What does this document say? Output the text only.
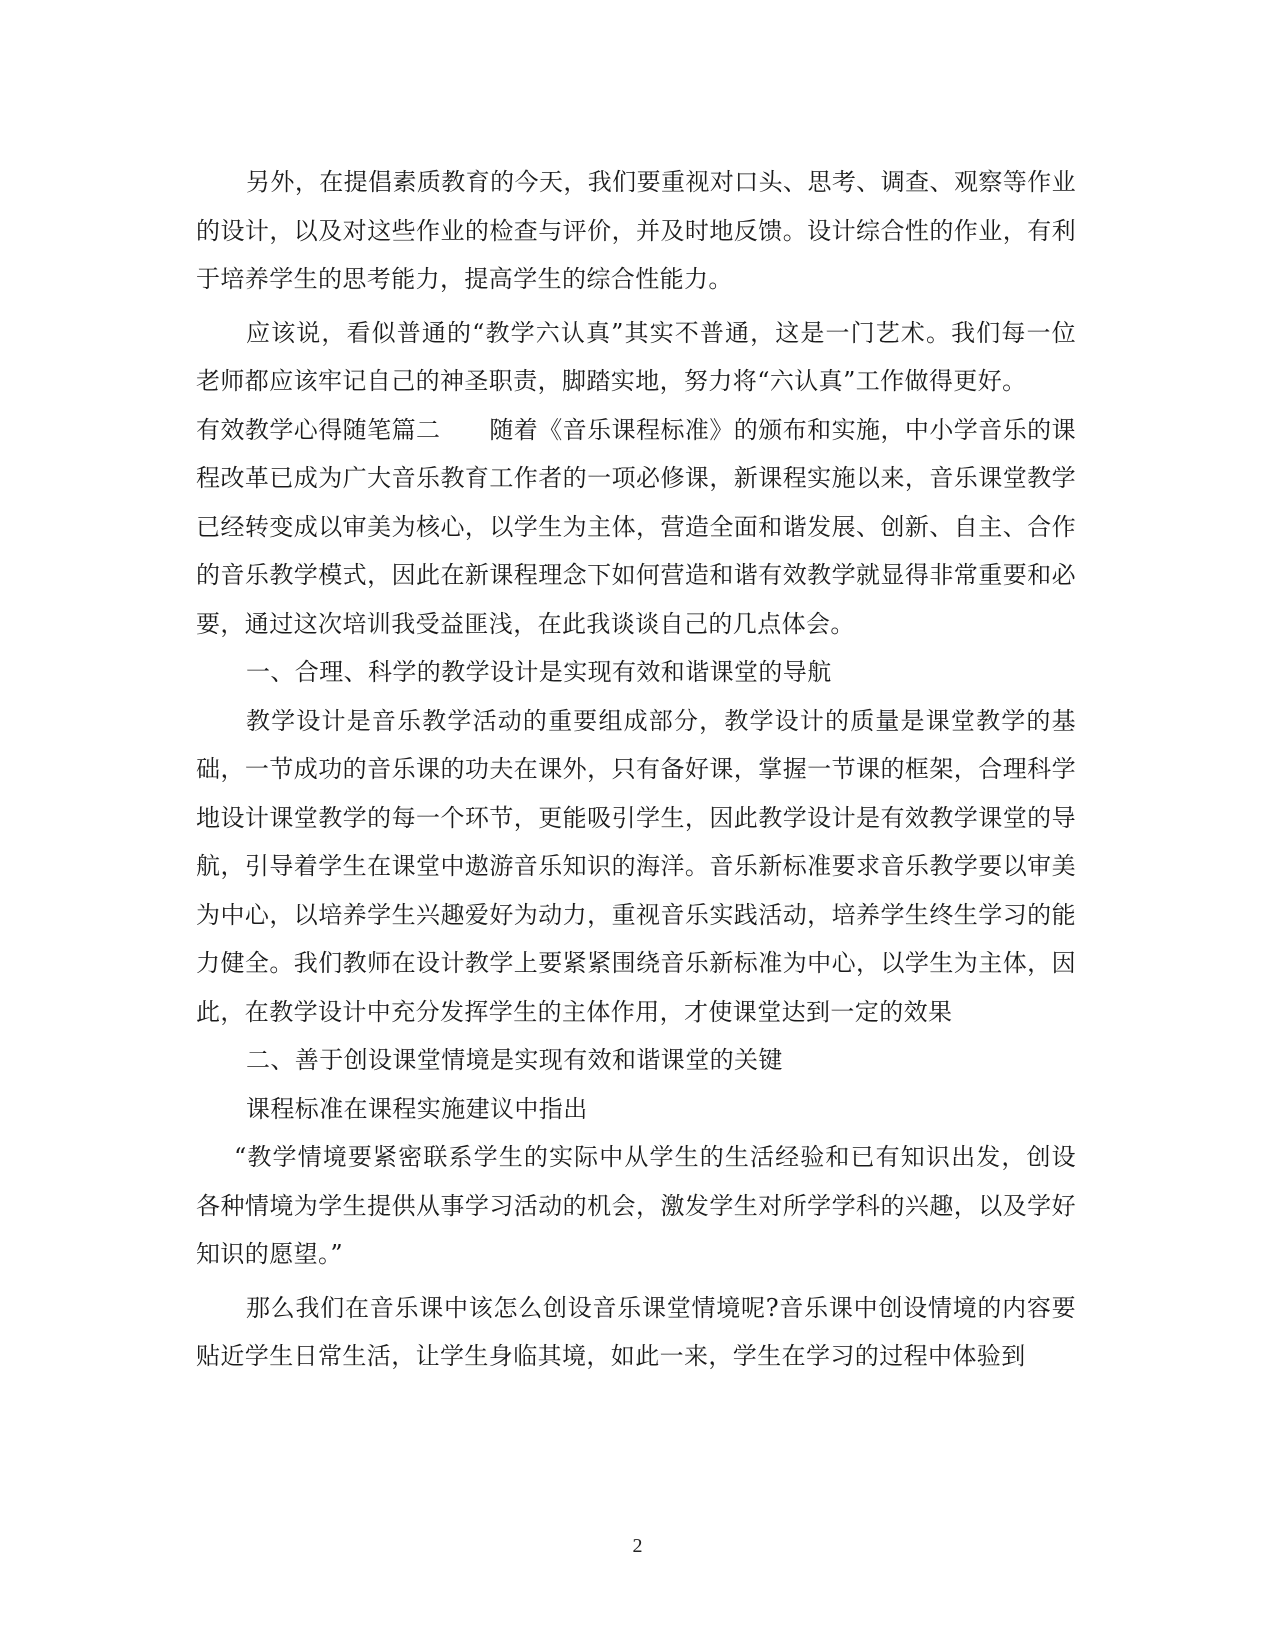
另外，在提倡素质教育的今天，我们要重视对口头、思考、调查、观察等作业的设计，以及对这些作业的检查与评价，并及时地反馈。设计综合性的作业，有利于培养学生的思考能力，提高学生的综合性能力。

应该说，看似普通的“教学六认真”其实不普通，这是一门艺术。我们每一位老师都应该牢记自己的神圣职责，脚踏实地，努力将“六认真”工作做得更好。

有效教学心得随笔篇二　　随着《音乐课程标准》的颁布和实施，中小学音乐的课程改革已成为广大音乐教育工作者的一项必修课，新课程实施以来，音乐课堂教学已经转变成以审美为核心，以学生为主体，营造全面和谐发展、创新、自主、合作的音乐教学模式，因此在新课程理念下如何营造和谐有效教学就显得非常重要和必要，通过这次培训我受益匪浅，在此我谈谈自己的几点体会。

一、合理、科学的教学设计是实现有效和谐课堂的导航

教学设计是音乐教学活动的重要组成部分，教学设计的质量是课堂教学的基础，一节成功的音乐课的功夫在课外，只有备好课，掌握一节课的框架，合理科学地设计课堂教学的每一个环节，更能吸引学生，因此教学设计是有效教学课堂的导航，引导着学生在课堂中遨游音乐知识的海洋。音乐新标准要求音乐教学要以审美为中心，以培养学生兴趣爱好为动力，重视音乐实践活动，培养学生终生学习的能力健全。我们教师在设计教学上要紧紧围绕音乐新标准为中心，以学生为主体，因此，在教学设计中充分发挥学生的主体作用，才使课堂达到一定的效果

二、善于创设课堂情境是实现有效和谐课堂的关键

课程标准在课程实施建议中指出

“教学情境要紧密联系学生的实际中从学生的生活经验和已有知识出发，创设各种情境为学生提供从事学习活动的机会，激发学生对所学学科的兴趣，以及学好知识的愿望。”

那么我们在音乐课中该怎么创设音乐课堂情境呢?音乐课中创设情境的内容要贴近学生日常生活，让学生身临其境，如此一来，学生在学习的过程中体验到

2
